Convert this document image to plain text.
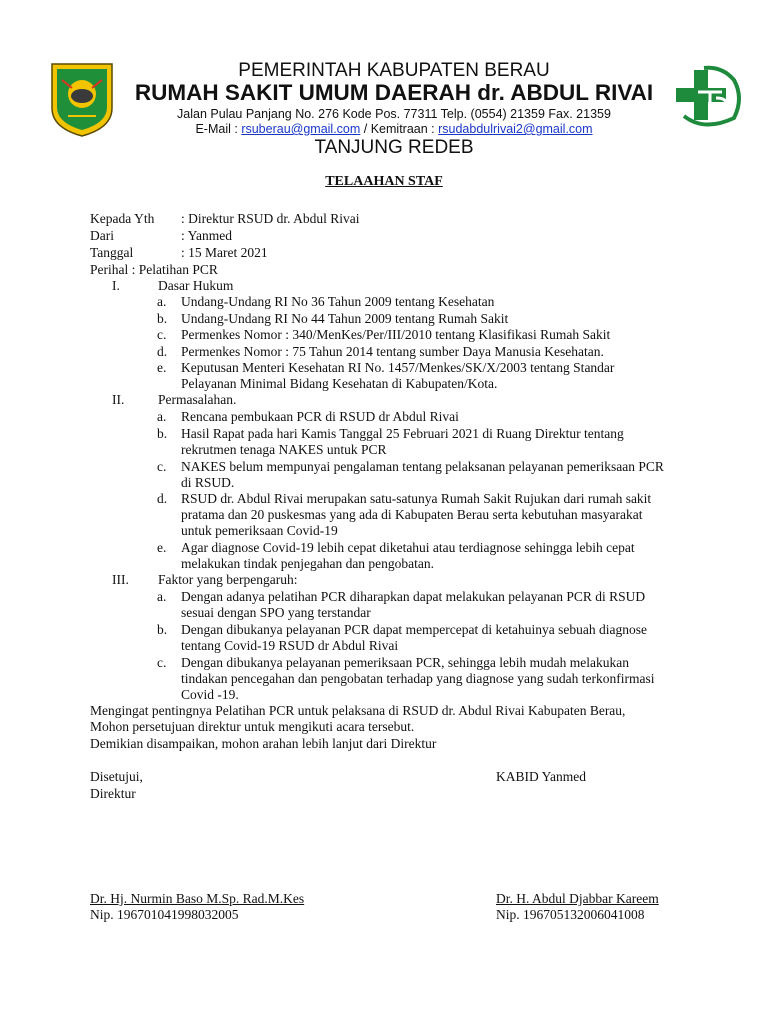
PEMERINTAH KABUPATEN BERAU
RUMAH SAKIT UMUM DAERAH dr. ABDUL RIVAI
Jalan Pulau Panjang No. 276 Kode Pos. 77311 Telp. (0554) 21359 Fax. 21359
E-Mail : rsuberau@gmail.com / Kemitraan : rsudabdulrivai2@gmail.com
TANJUNG REDEB
TELAAHAN STAF
Kepada Yth : Direktur RSUD dr. Abdul Rivai
Dari	: Yanmed
Tanggal	: 15 Maret 2021
Perihal : Pelatihan PCR
I.	Dasar Hukum
a. Undang-Undang RI No 36 Tahun 2009 tentang Kesehatan
b. Undang-Undang RI No 44 Tahun 2009 tentang Rumah Sakit
c. Permenkes Nomor : 340/MenKes/Per/III/2010 tentang Klasifikasi Rumah Sakit
d. Permenkes Nomor : 75 Tahun 2014 tentang sumber Daya Manusia Kesehatan.
e. Keputusan Menteri Kesehatan RI No. 1457/Menkes/SK/X/2003 tentang Standar
Pelayanan Minimal Bidang Kesehatan di Kabupaten/Kota.
II. Permasalahan.
a. Rencana pembukaan PCR di RSUD dr Abdul Rivai
b. Hasil Rapat pada hari Kamis Tanggal 25 Februari 2021 di Ruang Direktur tentang
rekrutmen tenaga NAKES untuk PCR
c. NAKES belum mempunyai pengalaman tentang pelaksanan pelayanan pemeriksaan PCR
di RSUD.
d. RSUD dr. Abdul Rivai merupakan satu-satunya Rumah Sakit Rujukan dari rumah sakit
pratama dan 20 puskesmas yang ada di Kabupaten Berau serta kebutuhan masyarakat
untuk pemeriksaan Covid-19
e. Agar diagnose Covid-19 lebih cepat diketahui atau terdiagnose sehingga lebih cepat
melakukan tindak penjegahan dan pengobatan.
III. Faktor yang berpengaruh:
a. Dengan adanya pelatihan PCR diharapkan dapat melakukan pelayanan PCR di RSUD
sesuai dengan SPO yang terstandar
b. Dengan dibukanya pelayanan PCR dapat mempercepat di ketahuinya sebuah diagnose
tentang Covid-19 RSUD dr Abdul Rivai
c. Dengan dibukanya pelayanan pemeriksaan PCR, sehingga lebih mudah melakukan
tindakan pencegahan dan pengobatan terhadap yang diagnose yang sudah terkonfirmasi
Covid -19.
Mengingat pentingnya Pelatihan PCR untuk pelaksana di RSUD dr. Abdul Rivai Kabupaten Berau,
Mohon persetujuan direktur untuk mengikuti acara tersebut.
Demikian disampaikan, mohon arahan lebih lanjut dari Direktur
Disetujui,
Direktur
KABID Yanmed
Dr. Hj. Nurmin Baso M.Sp. Rad.M.Kes
Nip. 196701041998032005
Dr. H. Abdul Djabbar Kareem
Nip. 196705132006041008
